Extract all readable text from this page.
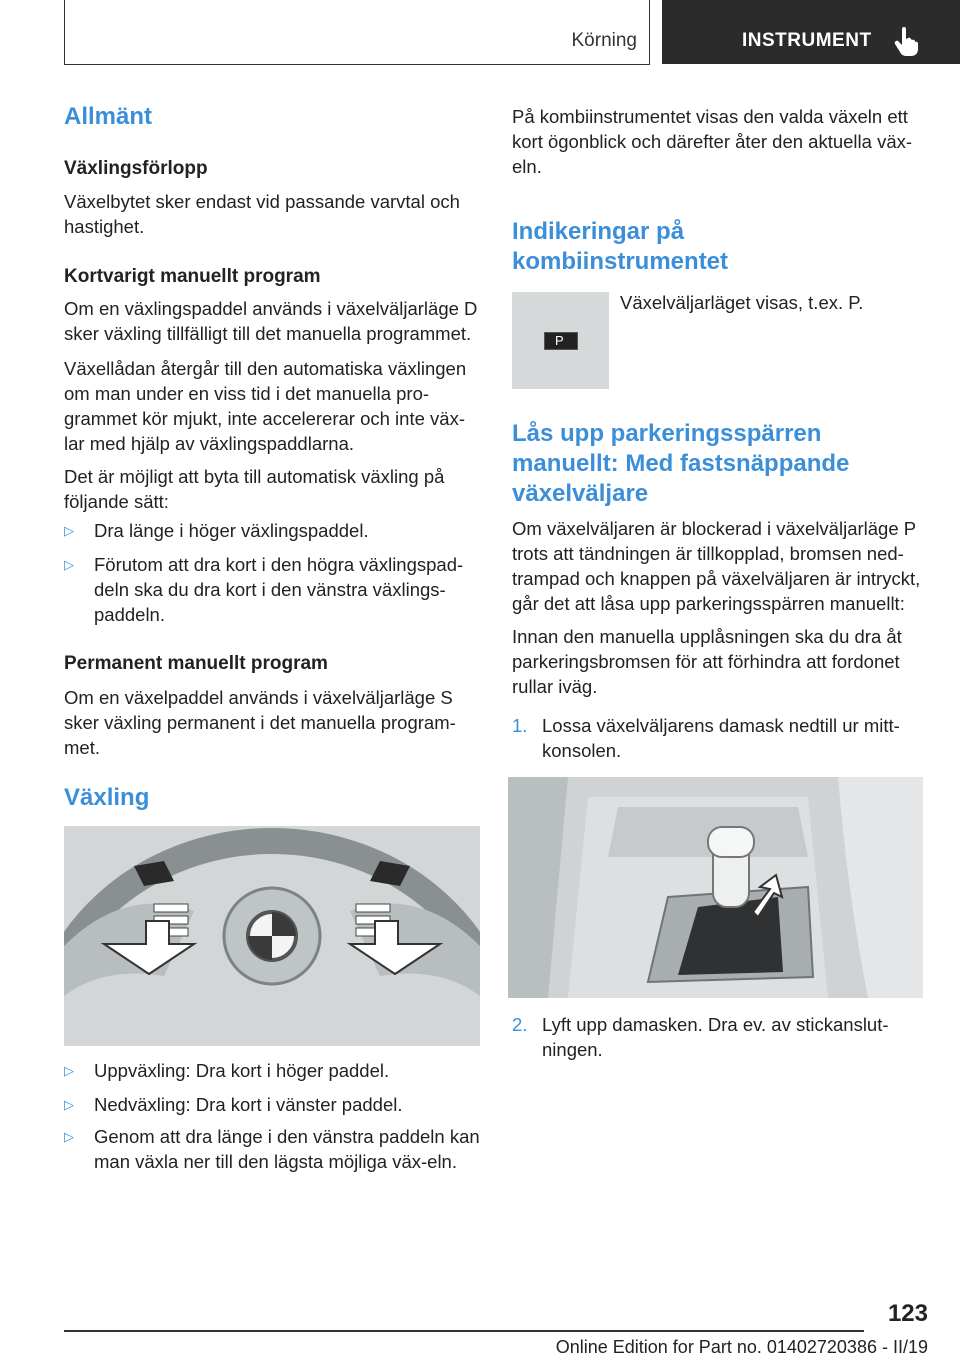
Körning	INSTRUMENT
Allmänt
Växlingsförlopp
Växelbytet sker endast vid passande varvtal och hastighet.
Kortvarigt manuellt program
Om en växlingspaddel används i växelväljarläge D sker växling tillfälligt till det manuella programmet.
Växellådan återgår till den automatiska växlingen om man under en viss tid i det manuella pro-grammet kör mjukt, inte accelererar och inte väx-lar med hjälp av växlingspaddlarna.
Det är möjligt att byta till automatisk växling på följande sätt:
▷ Dra länge i höger växlingspaddel.
▷ Förutom att dra kort i den högra växlingspad-deln ska du dra kort i den vänstra växlings-paddeln.
Permanent manuellt program
Om en växelpaddel används i växelväljarläge S sker växling permanent i det manuella program-met.
Växling
▷ Uppväxling: Dra kort i höger paddel.
▷ Nedväxling: Dra kort i vänster paddel.
▷ Genom att dra länge i den vänstra paddeln kan man växla ner till den lägsta möjliga väx-eln.
På kombiinstrumentet visas den valda växeln ett kort ögonblick och därefter åter den aktuella väx-eln.
Indikeringar på kombiinstrumentet
P
Växelväljarläget visas, t.ex. P.
Lås upp parkeringsspärren manuellt: Med fastsnäppande växelväljare
Om växelväljaren är blockerad i växelväljarläge P trots att tändningen är tillkopplad, bromsen ned-trampad och knappen på växelväljaren är intryckt, går det att låsa upp parkeringsspärren manuellt:
Innan den manuella upplåsningen ska du dra åt parkeringsbromsen för att förhindra att fordonet rullar iväg.
1. Lossa växelväljarens damask nedtill ur mitt-konsolen.
2. Lyft upp damasken. Dra ev. av stickanslut-ningen.
123
Online Edition for Part no. 01402720386 - II/19
